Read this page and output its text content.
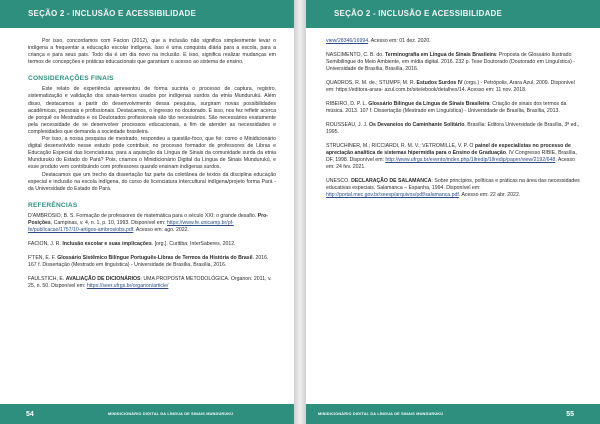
SEÇÃO 2 - INCLUSÃO E ACESSIBILIDADE

Por isso, concordamos com Facion (2012), que a inclusão não significa simplesmente levar o indígena a frequentar a educação escolar indígena. Isso é uma conquista diária para a escola, para a criança e para seus pais. Todo dia é um dia novo na inclusão. E isso, significa realizar mudanças em termos de concepções e práticas educacionais que garantam o acesso ao sistema de ensino.

CONSIDERAÇÕES FINAIS

Este relato de experiência apresentou de forma sucinta o processo de captura, registro, sistematização e validação dos sinais-termos usados por indígenas surdos da etnia Mundurukú. Além disso, destacamos a partir do desenvolvimento dessa pesquisa, surgiram novas possibilidades acadêmicas, pessoais e profissionais. Destacamos, o ingresso no doutorado. E isso, nos fez refletir acerca de porquê os Mestrados e os Doutorados profissionais são tão necessários. São necessários exatamente pela necessidade de se desenvolver processos educacionais, a fim de atender as necessidades e complexidades que demanda a sociedade brasileira.

Por isso, a nossa pesquisa de mestrado, respondeu a questão-foco, que foi: como o Minidicionário digital desenvolvido nesse estudo pode contribuir, no processo formador de professores de Libras e Educação Especial das licenciaturas, para a aquisição da Língua de Sinais da comunidade surda da etnia Mundurukú do Estado do Pará? Pois, criamos o Minidicionário Digital da Língua de Sinais Mundurukú, e esse produto vem contribuindo com professores quando ensinam indígenas surdos.

Destacamos que um trecho da dissertação faz parte da coletânea de textos da disciplina educação especial e inclusão na escola indígena, do curso de licenciatura intercultural indígena/projeto forma Pará - da Universidade do Estado do Pará.

REFERÊNCIAS
D'AMBROSIO, B. S. Formação de professores de matemática para o século XXI: o grande desafio. Pro-Posições, Campinas, v. 4, n. 1, p. 10, 1993. Disponível em: https://www.fe.unicamp.br/pf-fe/publicacao/1757/10-artigos-ambrosiobs.pdf. Acesso em: ago. 2022.
FACION, J. R. Inclusão escolar e suas implicações. [org.]. Curitiba: InterSaberes, 2012.
F'TEN, E. F. Glossário Sistêmico Bilíngue Português-Libras de Termos da História do Brasil. 2016. 167 f. Dissertação (Mestrado em linguística) - Universidade de Brasília, Brasília, 2016.
FAULSTICH, E. AVALIAÇÃO DE DICIONÁRIOS: UMA PROPOSTA METODOLÓGICA. Organon. 2011, v. 25, n. 50. Disponível em: https://seer.ufrgs.br/organon/article/
54	MINIDICIONÁRIO DIGITAL DA LÍNGUA DE SINAIS MUNDURUKÚ
SEÇÃO 2 - INCLUSÃO E ACESSIBILIDADE
view/28346/16994. Acesso em: 01 dez. 2020.
NASCIMENTO, C. B. do. Terminografia em Língua de Sinais Brasileira: Proposta de Glossário Ilustrado Semibilíngue do Meio Ambiente, em mídia digital. 2016. 232 p. Tese Doutorado (Doutorado em Linguística) - Universidade de Brasília, Brasília, 2016.
QUADROS, R. M. de.; STUMPF, M. R. Estudos Surdos IV (orgs.) - Petrópolis, Arara Azul, 2009. Disponível em: https://editora-arara- azul.com.br/site/ebook/detalhes/14. Acesso em: 11 nov. 2018.
RIBEIRO, D. P. L. Glossário Bilíngue da Língua de Sinais Brasileira: Criação de sinais dos termos da música. 2013. 107 f. Dissertação (Mestrado em Linguística) - Universidade de Brasília, Brasília, 2013.
ROUSSEAU, J. J. Os Devaneios do Caminhante Solitário. Brasília: Editora Universidade de Brasília, 3ª ed., 1995.
STRUCHINER, M.; RICCIARDI, R. M. V.; VETROMILLE, V. P. O painel de especialistas no processo de apreciação analítica de sistemas hipermídia para o Ensino de Graduação. IV Congresso RIBIE, Brasília, DF, 1998. Disponível em: http://www.ufrgs.br/evento/index.php/1llredip/1llredip/paper/view/2192/648. Acesso em: 24 fev. 2021.
UNESCO. DECLARAÇÃO DE SALAMANCA: Sobre princípios, políticas e práticas na área das necessidades educativas especiais. Salamanca – Espanha, 1994. Disponível em: http://portal.mec.gov.br/seesp/arquivos/pdf/salamanca.pdf. Acesso em: 22 abr. 2022.
MINIDICIONÁRIO DIGITAL DA LÍNGUA DE SINAIS MUNDURUKÚ	55
